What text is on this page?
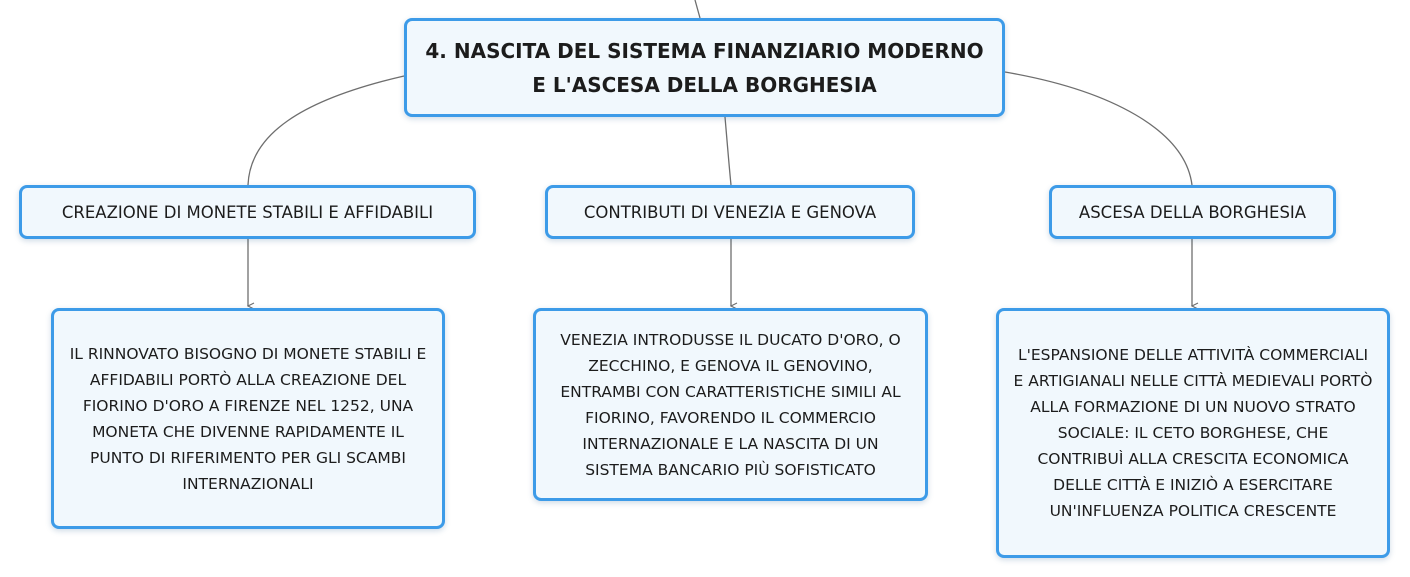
4. NASCITA DEL SISTEMA FINANZIARIO MODERNO E L'ASCESA DELLA BORGHESIA
CREAZIONE DI MONETE STABILI E AFFIDABILI	CONTRIBUTI DI VENEZIA E GENOVA	ASCESA DELLA BORGHESIA
IL RINNOVATO BISOGNO DI MONETE STABILI E AFFIDABILI PORTÒ ALLA CREAZIONE DEL FIORINO D'ORO A FIRENZE NEL 1252, UNA MONETA CHE DIVENNE RAPIDAMENTE IL PUNTO DI RIFERIMENTO PER GLI SCAMBI INTERNAZIONALI
VENEZIA INTRODUSSE IL DUCATO D'ORO, O ZECCHINO, E GENOVA IL GENOVINO, ENTRAMBI CON CARATTERISTICHE SIMILI AL FIORINO, FAVORENDO IL COMMERCIO INTERNAZIONALE E LA NASCITA DI UN SISTEMA BANCARIO PIÙ SOFISTICATO
L'ESPANSIONE DELLE ATTIVITÀ COMMERCIALI E ARTIGIANALI NELLE CITTÀ MEDIEVALI PORTÒ ALLA FORMAZIONE DI UN NUOVO STRATO SOCIALE: IL CETO BORGHESE, CHE CONTRIBUÌ ALLA CRESCITA ECONOMICA DELLE CITTÀ E INIZIÒ A ESERCITARE UN'INFLUENZA POLITICA CRESCENTE
